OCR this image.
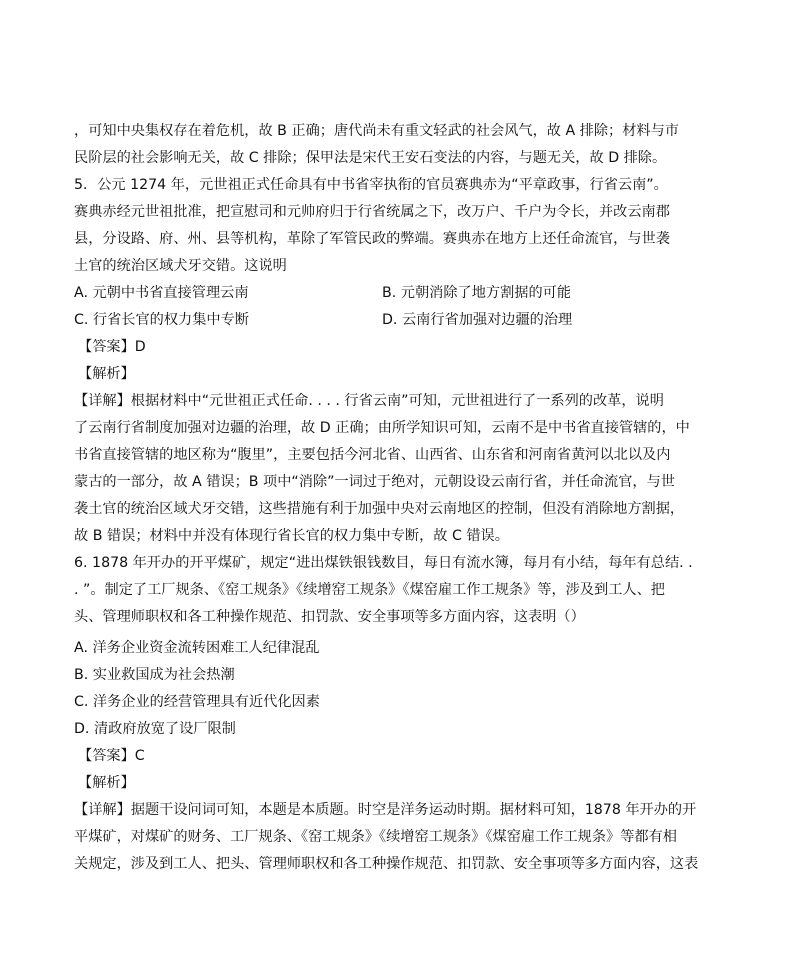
，可知中央集权存在着危机，故 B 正确；唐代尚未有重文轻武的社会风气，故 A 排除；材料与市
民阶层的社会影响无关，故 C 排除；保甲法是宋代王安石变法的内容，与题无关，故 D 排除。
5．公元 1274 年，元世祖正式任命具有中书省宰执衔的官员赛典赤为“平章政事，行省云南”。
赛典赤经元世祖批准，把宣慰司和元帅府归于行省统属之下，改万户、千户为令长，并改云南郡
县，分设路、府、州、县等机构，革除了军管民政的弊端。赛典赤在地方上还任命流官，与世袭
土官的统治区域犬牙交错。这说明
A. 元朝中书省直接管理云南	B. 元朝消除了地方割据的可能
C. 行省长官的权力集中专断	D. 云南行省加强对边疆的治理
【答案】D
【解析】
【详解】根据材料中“元世祖正式任命. . . . 行省云南”可知，元世祖进行了一系列的改革，说明
了云南行省制度加强对边疆的治理，故 D 正确；由所学知识可知，云南不是中书省直接管辖的，中
书省直接管辖的地区称为“腹里”，主要包括今河北省、山西省、山东省和河南省黄河以北以及内
蒙古的一部分，故 A 错误；B 项中“消除”一词过于绝对，元朝设设云南行省，并任命流官，与世
袭土官的统治区域犬牙交错，这些措施有利于加强中央对云南地区的控制，但没有消除地方割据，
故 B 错误；材料中并没有体现行省长官的权力集中专断，故 C 错误。
6. 1878 年开办的开平煤矿，规定“进出煤铁银钱数目，每日有流水簿，每月有小结，每年有总结. .
. ”。制定了工厂规条、《窑工规条》《续增窑工规条》《煤窑雇工作工规条》等，涉及到工人、把
头、管理师职权和各工种操作规范、扣罚款、安全事项等多方面内容，这表明（）
A. 洋务企业资金流转困难工人纪律混乱
B. 实业救国成为社会热潮
C. 洋务企业的经营管理具有近代化因素
D. 清政府放宽了设厂限制
【答案】C
【解析】
【详解】据题干设问词可知，本题是本质题。时空是洋务运动时期。据材料可知，1878 年开办的开
平煤矿，对煤矿的财务、工厂规条、《窑工规条》《续增窑工规条》《煤窑雇工作工规条》等都有相
关规定，涉及到工人、把头、管理师职权和各工种操作规范、扣罚款、安全事项等多方面内容，这表
